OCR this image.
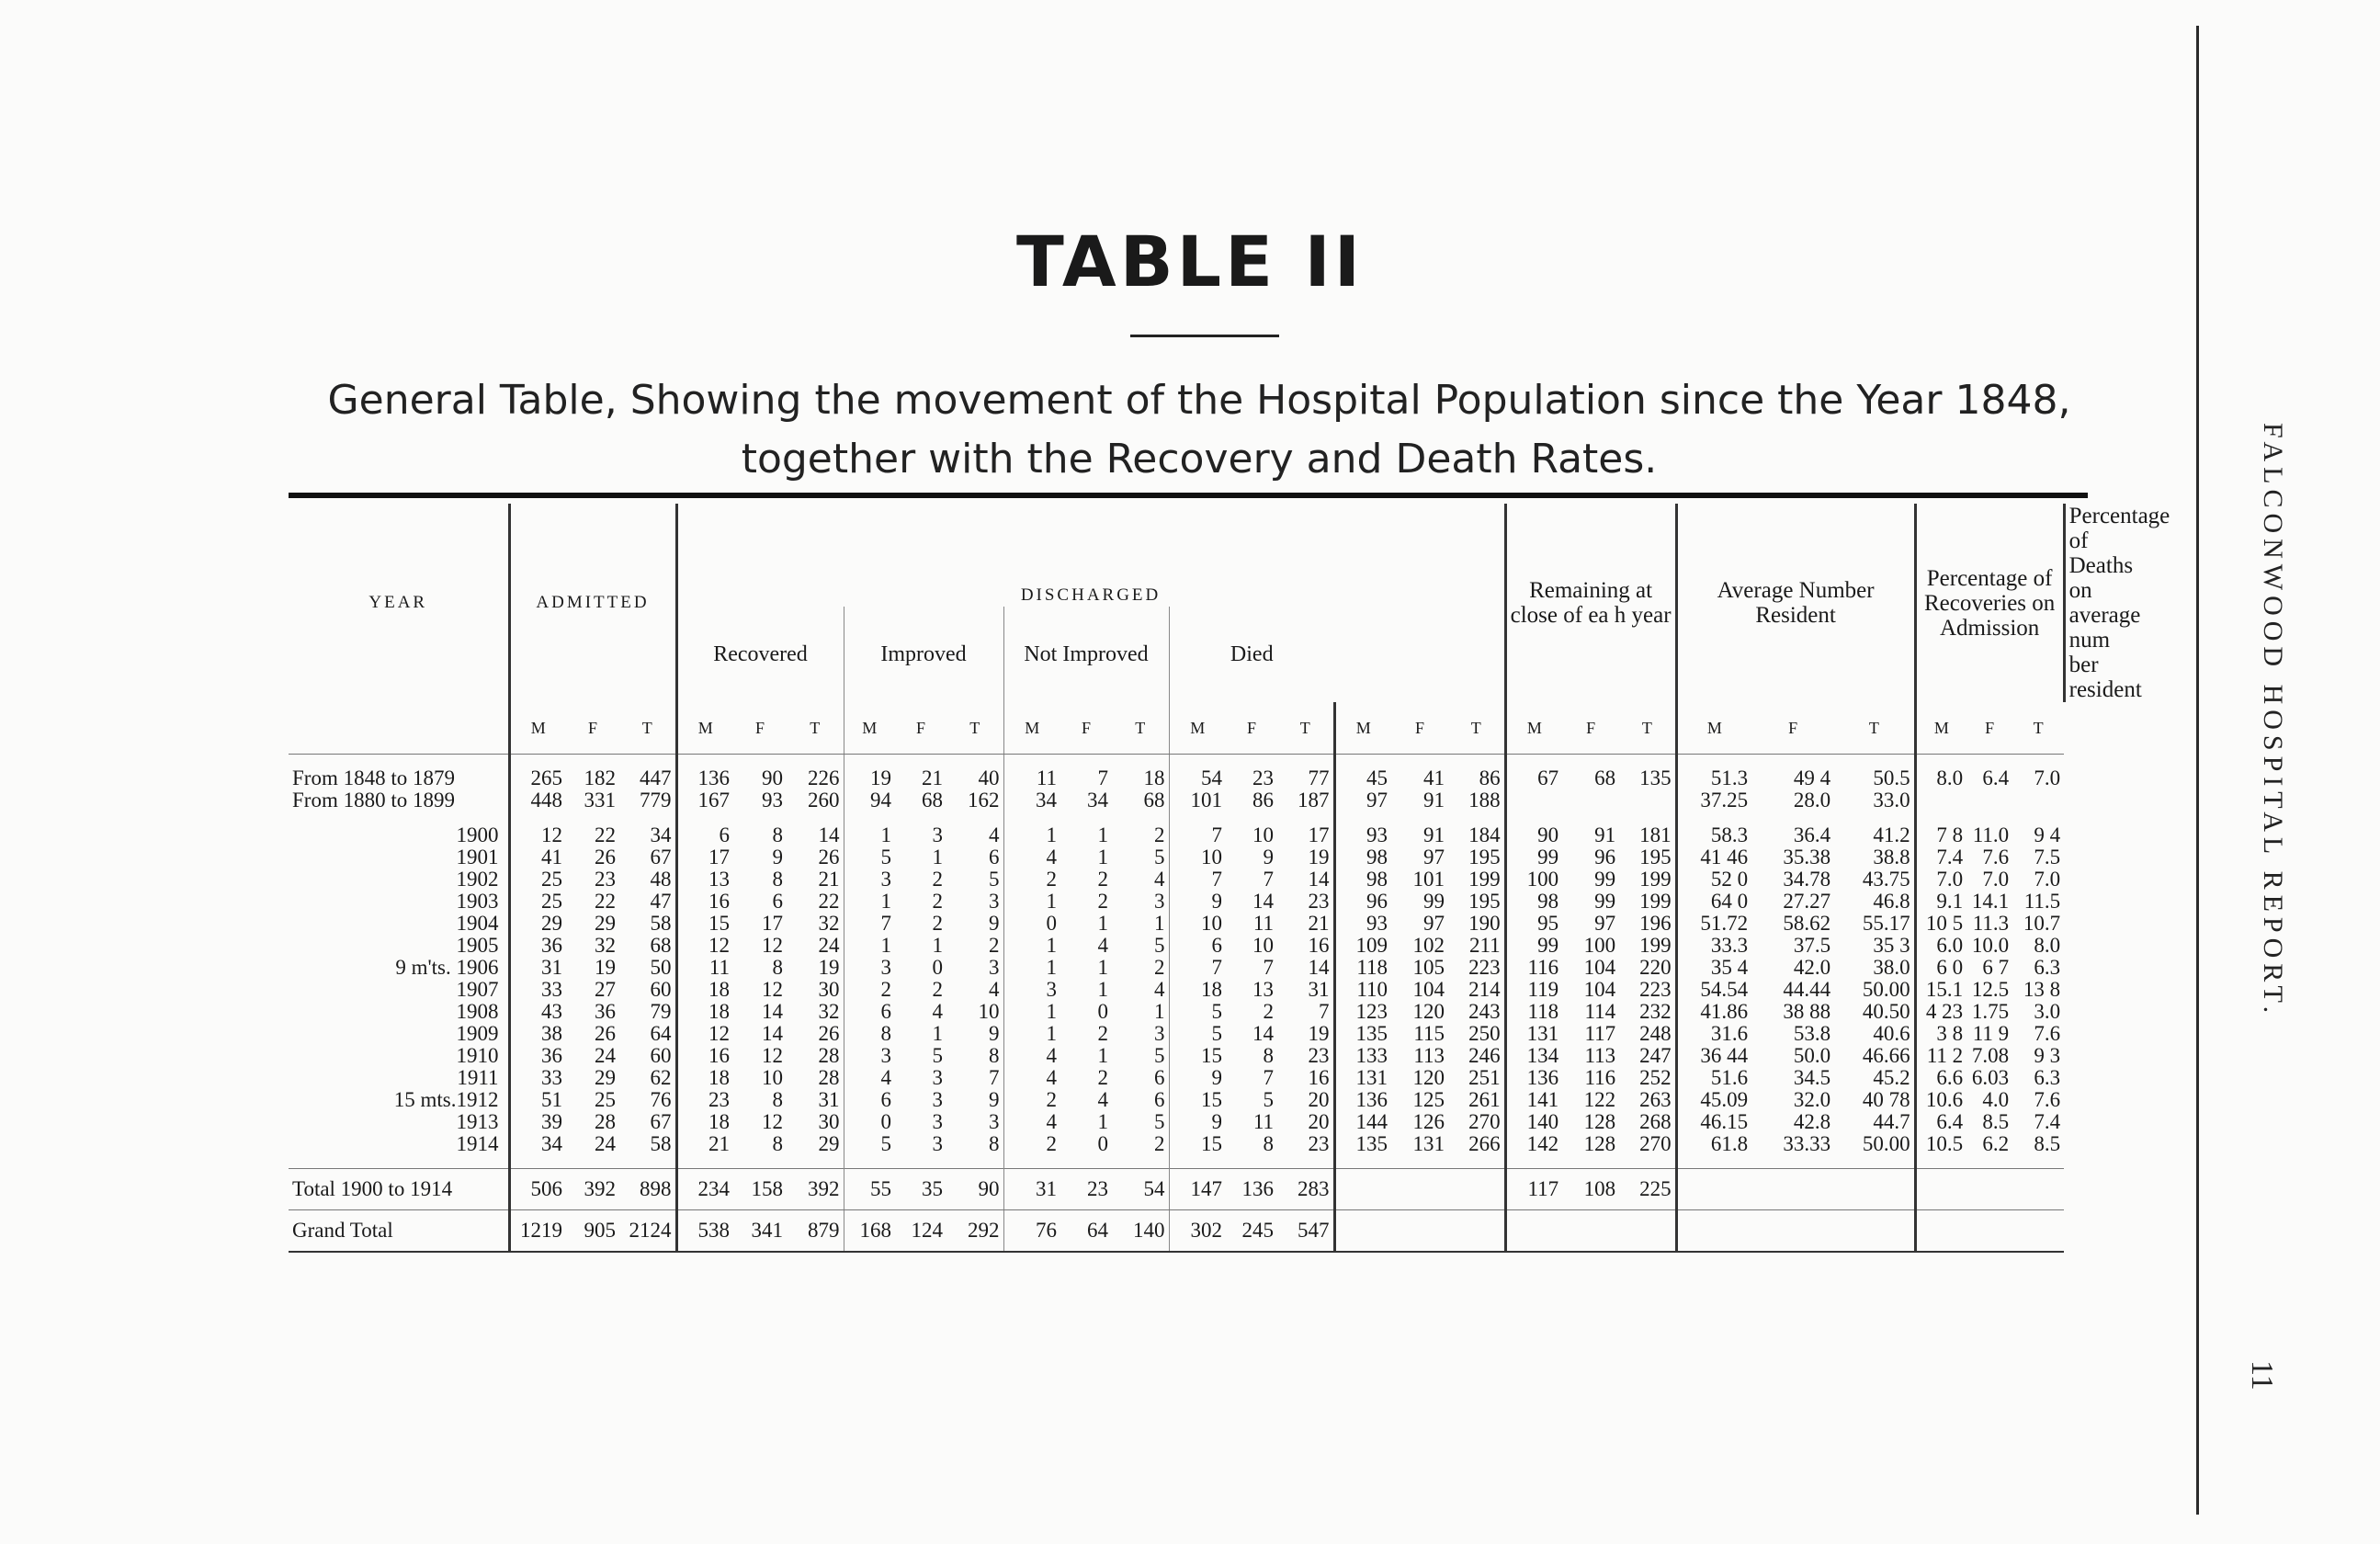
TABLE II
General Table, Showing the movement of the Hospital Population since the Year 1848,
together with the Recovery and Death Rates.	FALCONWOOD HOSPITAL REPORT.
11
YEAR	ADMITTED			DISCHARGED															Remaining at close of ea h year			Average Number Resident			Percentage of Recoveries on Admission			Percentage of Deaths on average num ber resident
				Recovered			Improved			Not Improved			Died															
	M	F	T	M	F	T	M	F	T	M	F	T	M	F	T	M	F	T	M	F	T	M	F	T	M	F	T	

From 1848 to 1879	265	182	447	136	90	226	19	21	40	11	7	18	54	23	77	45	41	86	67	68	135	51.3	49 4	50.5	8.0	6.4	7.0	
From 1880 to 1899	448	331	779	167	93	260	94	68	162	34	34	68	101	86	187	97	91	188				37.25	28.0	33.0				

1900	12	22	34	6	8	14	1	3	4	1	1	2	7	10	17	93	91	184	90	91	181	58.3	36.4	41.2	7 8	11.0	9 4	
1901	41	26	67	17	9	26	5	1	6	4	1	5	10	9	19	98	97	195	99	96	195	41 46	35.38	38.8	7.4	7.6	7.5	
1902	25	23	48	13	8	21	3	2	5	2	2	4	7	7	14	98	101	199	100	99	199	52 0	34.78	43.75	7.0	7.0	7.0	
1903	25	22	47	16	6	22	1	2	3	1	2	3	9	14	23	96	99	195	98	99	199	64 0	27.27	46.8	9.1	14.1	11.5	
1904	29	29	58	15	17	32	7	2	9	0	1	1	10	11	21	93	97	190	95	97	196	51.72	58.62	55.17	10 5	11.3	10.7	
1905	36	32	68	12	12	24	1	1	2	1	4	5	6	10	16	109	102	211	99	100	199	33.3	37.5	35 3	6.0	10.0	8.0	
9 m'ts. 1906	31	19	50	11	8	19	3	0	3	1	1	2	7	7	14	118	105	223	116	104	220	35 4	42.0	38.0	6 0	6 7	6.3	
1907	33	27	60	18	12	30	2	2	4	3	1	4	18	13	31	110	104	214	119	104	223	54.54	44.44	50.00	15.1	12.5	13 8	
1908	43	36	79	18	14	32	6	4	10	1	0	1	5	2	7	123	120	243	118	114	232	41.86	38 88	40.50	4 23	1.75	3.0	
1909	38	26	64	12	14	26	8	1	9	1	2	3	5	14	19	135	115	250	131	117	248	31.6	53.8	40.6	3 8	11 9	7.6	
1910	36	24	60	16	12	28	3	5	8	4	1	5	15	8	23	133	113	246	134	113	247	36 44	50.0	46.66	11 2	7.08	9 3	
1911	33	29	62	18	10	28	4	3	7	4	2	6	9	7	16	131	120	251	136	116	252	51.6	34.5	45.2	6.6	6.03	6.3	
15 mts.1912	51	25	76	23	8	31	6	3	9	2	4	6	15	5	20	136	125	261	141	122	263	45.09	32.0	40 78	10.6	4.0	7.6	
1913	39	28	67	18	12	30	0	3	3	4	1	5	9	11	20	144	126	270	140	128	268	46.15	42.8	44.7	6.4	8.5	7.4	
1914	34	24	58	21	8	29	5	3	8	2	0	2	15	8	23	135	131	266	142	128	270	61.8	33.33	50.00	10.5	6.2	8.5	

Total 1900 to 1914	506	392	898	234	158	392	55	35	90	31	23	54	147	136	283				117	108	225							
Grand Total	1219	905	2124	538	341	879	168	124	292	76	64	140	302	245	547													
